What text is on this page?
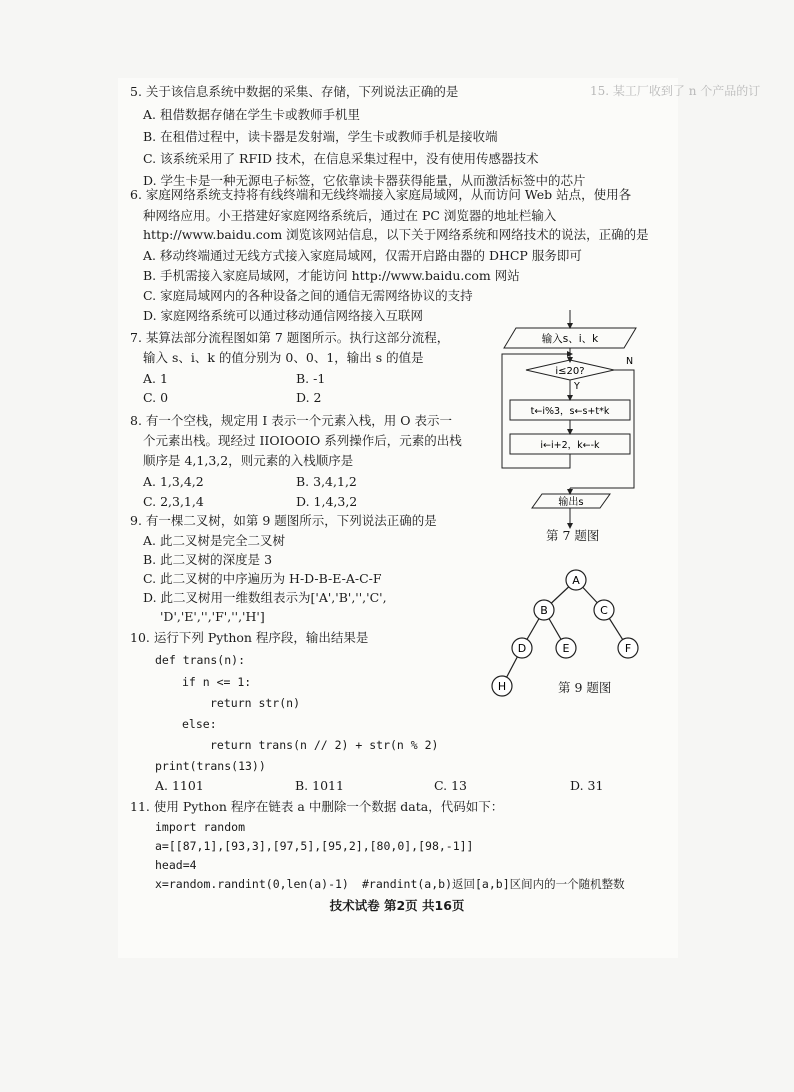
15. 某工厂收到了 n 个产品的订
5. 关于该信息系统中数据的采集、存储，下列说法正确的是
A. 租借数据存储在学生卡或教师手机里
B. 在租借过程中，读卡器是发射端，学生卡或教师手机是接收端
C. 该系统采用了 RFID 技术，在信息采集过程中，没有使用传感器技术
D. 学生卡是一种无源电子标签，它依靠读卡器获得能量，从而激活标签中的芯片
6. 家庭网络系统支持将有线终端和无线终端接入家庭局域网，从而访问 Web 站点，使用各
种网络应用。小王搭建好家庭网络系统后，通过在 PC 浏览器的地址栏输入
http://www.baidu.com 浏览该网站信息，以下关于网络系统和网络技术的说法，正确的是
A. 移动终端通过无线方式接入家庭局域网，仅需开启路由器的 DHCP 服务即可
B. 手机需接入家庭局域网，才能访问 http://www.baidu.com 网站
C. 家庭局域网内的各种设备之间的通信无需网络协议的支持
D. 家庭网络系统可以通过移动通信网络接入互联网
7. 某算法部分流程图如第 7 题图所示。执行这部分流程，
输入 s、i、k 的值分别为 0、0、1，输出 s 的值是
A. 1	B. -1
C. 0	D. 2
8. 有一个空栈，规定用 I 表示一个元素入栈，用 O 表示一
个元素出栈。现经过 IIOIOOIO 系列操作后，元素的出栈
顺序是 4,1,3,2，则元素的入栈顺序是
A. 1,3,4,2	B. 3,4,1,2
C. 2,3,1,4	D. 1,4,3,2
输入s、i、k
i≤20?
N
Y
t←i%3，s←s+t*k
i←i+2，k←-k
输出s
第 7 题图
9. 有一棵二叉树，如第 9 题图所示，下列说法正确的是
A. 此二叉树是完全二叉树
B. 此二叉树的深度是 3
C. 此二叉树的中序遍历为 H-D-B-E-A-C-F
D. 此二叉树用一维数组表示为['A','B','','C',
'D','E','','F','','H']
A
B	C
D	E	F
H	第 9 题图
10. 运行下列 Python 程序段，输出结果是
def trans(n):
if n <= 1:
return str(n)
else:
return trans(n // 2) + str(n % 2)
print(trans(13))
A. 1101	B. 1011	C. 13	D. 31
11. 使用 Python 程序在链表 a 中删除一个数据 data，代码如下：
import random
a=[[87,1],[93,3],[97,5],[95,2],[80,0],[98,-1]]
head=4
x=random.randint(0,len(a)-1) #randint(a,b)返回[a,b]区间内的一个随机整数
技术试卷 第2页 共16页
